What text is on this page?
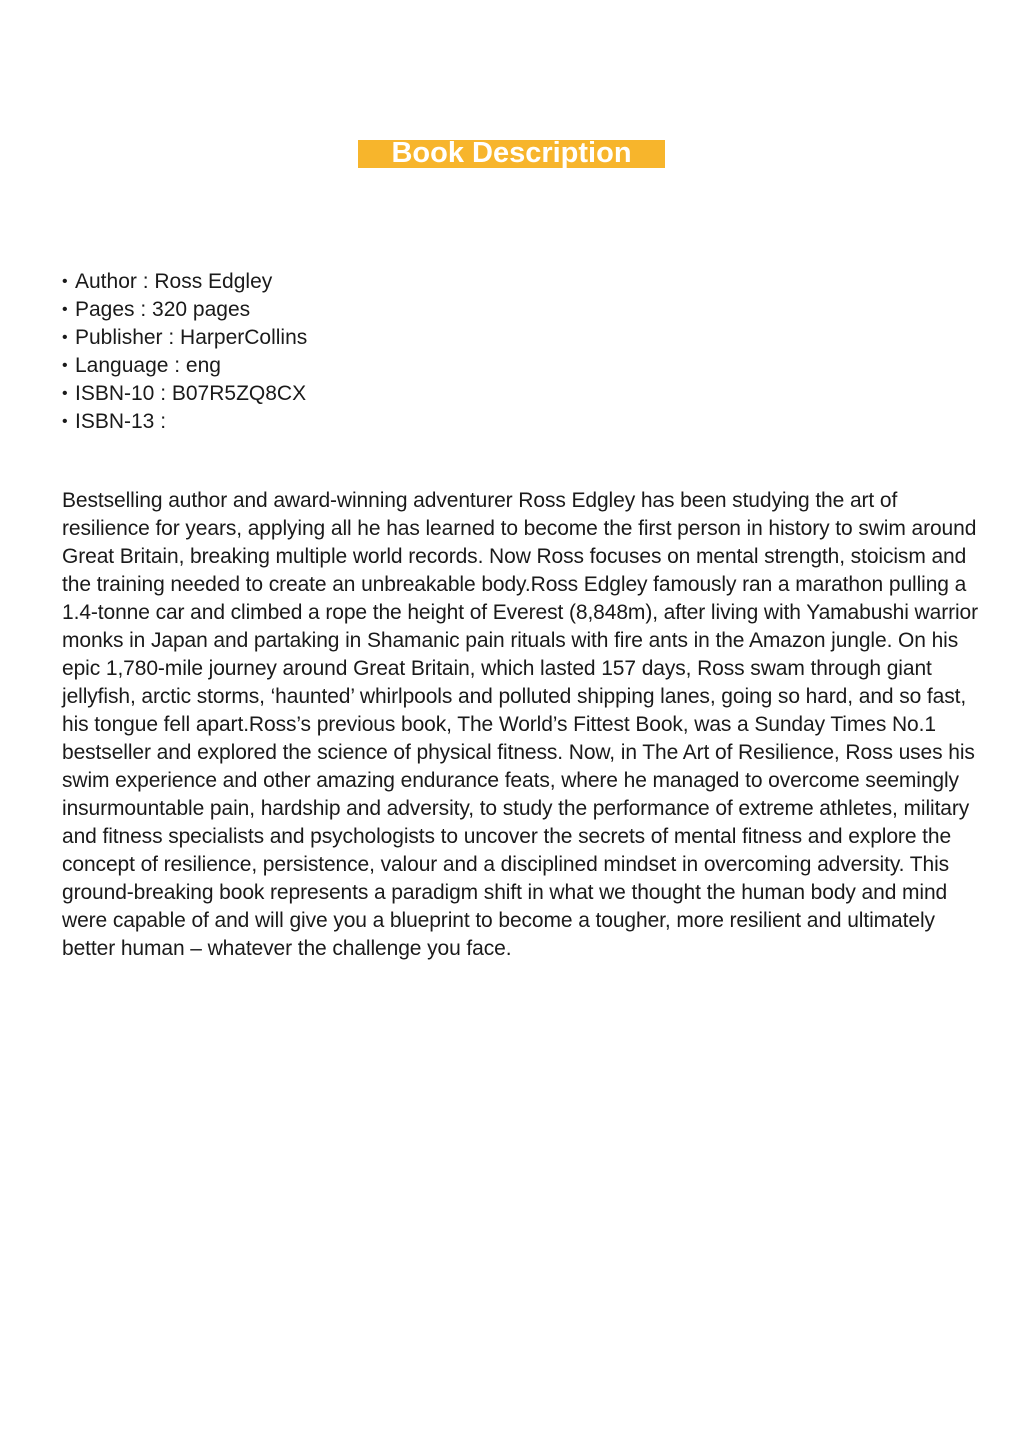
Book Description
• Author : Ross Edgley
• Pages : 320 pages
• Publisher : HarperCollins
• Language : eng
• ISBN-10 : B07R5ZQ8CX
• ISBN-13 :

Bestselling author and award-winning adventurer Ross Edgley has been studying the art of resilience for years, applying all he has learned to become the first person in history to swim around Great Britain, breaking multiple world records. Now Ross focuses on mental strength, stoicism and the training needed to create an unbreakable body.Ross Edgley famously ran a marathon pulling a 1.4-tonne car and climbed a rope the height of Everest (8,848m), after living with Yamabushi warrior monks in Japan and partaking in Shamanic pain rituals with fire ants in the Amazon jungle. On his epic 1,780-mile journey around Great Britain, which lasted 157 days, Ross swam through giant jellyfish, arctic storms, ‘haunted’ whirlpools and polluted shipping lanes, going so hard, and so fast, his tongue fell apart.Ross’s previous book, The World’s Fittest Book, was a Sunday Times No.1 bestseller and explored the science of physical fitness. Now, in The Art of Resilience, Ross uses his swim experience and other amazing endurance feats, where he managed to overcome seemingly insurmountable pain, hardship and adversity, to study the performance of extreme athletes, military and fitness specialists and psychologists to uncover the secrets of mental fitness and explore the concept of resilience, persistence, valour and a disciplined mindset in overcoming adversity. This ground-breaking book represents a paradigm shift in what we thought the human body and mind were capable of and will give you a blueprint to become a tougher, more resilient and ultimately better human – whatever the challenge you face.
